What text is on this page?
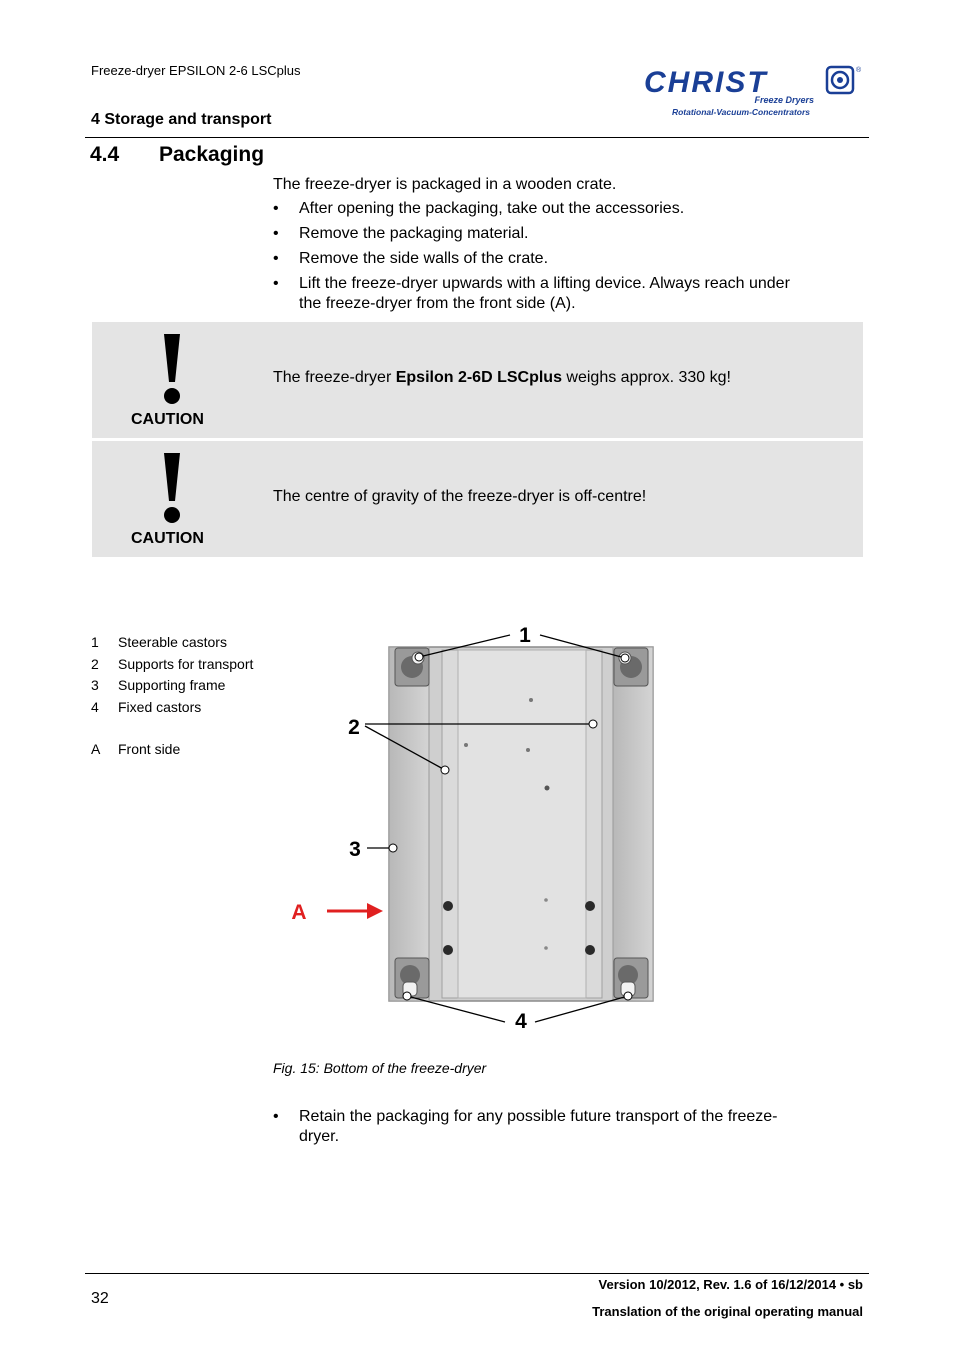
Freeze-dryer EPSILON 2-6 LSCplus
4 Storage and transport
CHRIST	®
Freeze Dryers
Rotational-Vacuum-Concentrators
4.4 Packaging
The freeze-dryer is packaged in a wooden crate.
• After opening the packaging, take out the accessories.
• Remove the packaging material.
• Remove the side walls of the crate.
• Lift the freeze-dryer upwards with a lifting device. Always reach under
the freeze-dryer from the front side (A).
CAUTION
The freeze-dryer Epsilon 2-6D LSCplus weighs approx. 330 kg!
CAUTION
The centre of gravity of the freeze-dryer is off-centre!
1 Steerable castors
2 Supports for transport
3 Supporting frame
4 Fixed castors
A Front side
1
2
3
4
A
Fig. 15: Bottom of the freeze-dryer
• Retain the packaging for any possible future transport of the freeze-
dryer.
32
Version 10/2012, Rev. 1.6 of 16/12/2014 • sb
Translation of the original operating manual
